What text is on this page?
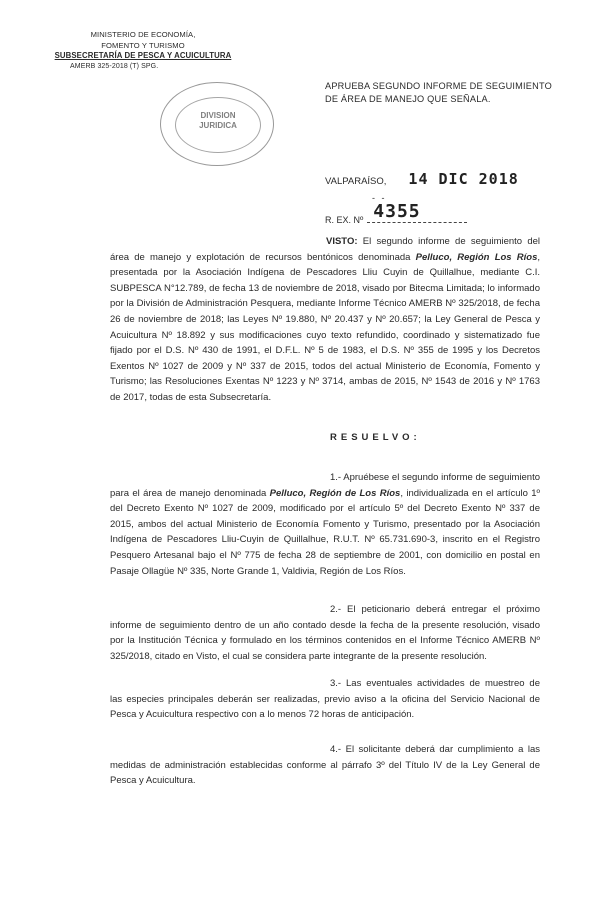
MINISTERIO DE ECONOMÍA,
FOMENTO Y TURISMO
SUBSECRETARÍA DE PESCA Y ACUICULTURA
AMERB 325-2018 (T) SPG.
DIVISION
JURIDICA
APRUEBA SEGUNDO INFORME DE SEGUIMIENTO DE ÁREA DE MANEJO QUE SEÑALA.
VALPARAÍSO, 14 DIC 2018
- -
R. EX. Nº 4355
VISTO: El segundo informe de seguimiento del área de manejo y explotación de recursos bentónicos denominada Pelluco, Región Los Ríos, presentada por la Asociación Indígena de Pescadores Lliu Cuyin de Quillalhue, mediante C.I. SUBPESCA N°12.789, de fecha 13 de noviembre de 2018, visado por Bitecma Limitada; lo informado por la División de Administración Pesquera, mediante Informe Técnico AMERB Nº 325/2018, de fecha 26 de noviembre de 2018; las Leyes Nº 19.880, Nº 20.437 y Nº 20.657; la Ley General de Pesca y Acuicultura Nº 18.892 y sus modificaciones cuyo texto refundido, coordinado y sistematizado fue fijado por el D.S. Nº 430 de 1991, el D.F.L. Nº 5 de 1983, el D.S. Nº 355 de 1995 y los Decretos Exentos Nº 1027 de 2009 y Nº 337 de 2015, todos del actual Ministerio de Economía, Fomento y Turismo; las Resoluciones Exentas Nº 1223 y Nº 3714, ambas de 2015, Nº 1543 de 2016 y Nº 1763 de 2017, todas de esta Subsecretaría.
RESUELVO:
1.- Apruébese el segundo informe de seguimiento para el área de manejo denominada Pelluco, Región de Los Ríos, individualizada en el artículo 1º del Decreto Exento Nº 1027 de 2009, modificado por el artículo 5º del Decreto Exento Nº 337 de 2015, ambos del actual Ministerio de Economía Fomento y Turismo, presentado por la Asociación Indígena de Pescadores Lliu-Cuyin de Quillalhue, R.U.T. Nº 65.731.690-3, inscrito en el Registro Pesquero Artesanal bajo el Nº 775 de fecha 28 de septiembre de 2001, con domicilio en postal en Pasaje Ollagüe Nº 335, Norte Grande 1, Valdivia, Región de Los Ríos.
2.- El peticionario deberá entregar el próximo informe de seguimiento dentro de un año contado desde la fecha de la presente resolución, visado por la Institución Técnica y formulado en los términos contenidos en el Informe Técnico AMERB Nº 325/2018, citado en Visto, el cual se considera parte integrante de la presente resolución.
3.- Las eventuales actividades de muestreo de las especies principales deberán ser realizadas, previo aviso a la oficina del Servicio Nacional de Pesca y Acuicultura respectivo con a lo menos 72 horas de anticipación.
4.- El solicitante deberá dar cumplimiento a las medidas de administración establecidas conforme al párrafo 3º del Título IV de la Ley General de Pesca y Acuicultura.
